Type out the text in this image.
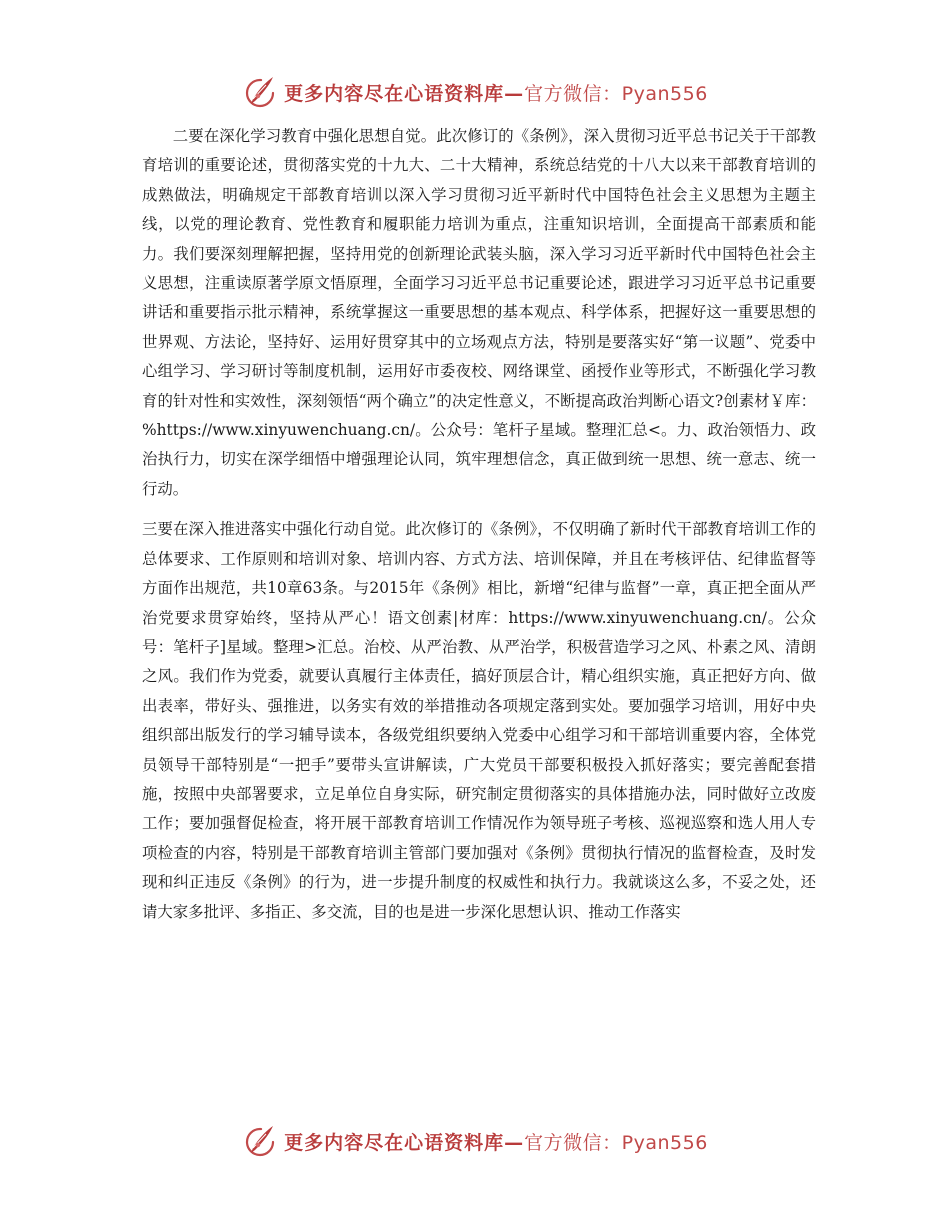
更多内容尽在心语资料库—官方微信：Pyan556

二要在深化学习教育中强化思想自觉。此次修订的《条例》，深入贯彻习近平总书记关于干部教育培训的重要论述，贯彻落实党的十九大、二十大精神，系统总结党的十八大以来干部教育培训的成熟做法，明确规定干部教育培训以深入学习贯彻习近平新时代中国特色社会主义思想为主题主线，以党的理论教育、党性教育和履职能力培训为重点，注重知识培训，全面提高干部素质和能力。我们要深刻理解把握，坚持用党的创新理论武装头脑，深入学习习近平新时代中国特色社会主义思想，注重读原著学原文悟原理，全面学习习近平总书记重要论述，跟进学习习近平总书记重要讲话和重要指示批示精神，系统掌握这一重要思想的基本观点、科学体系，把握好这一重要思想的世界观、方法论，坚持好、运用好贯穿其中的立场观点方法，特别是要落实好“第一议题”、党委中心组学习、学习研讨等制度机制，运用好市委夜校、网络课堂、函授作业等形式，不断强化学习教育的针对性和实效性，深刻领悟“两个确立”的决定性意义，不断提高政治判断心语文?创素材￥库：%https://www.xinyuwenchuang.cn/。公众号：笔杆子星域。整理汇总<。力、政治领悟力、政治执行力，切实在深学细悟中增强理论认同，筑牢理想信念，真正做到统一思想、统一意志、统一行动。

三要在深入推进落实中强化行动自觉。此次修订的《条例》，不仅明确了新时代干部教育培训工作的总体要求、工作原则和培训对象、培训内容、方式方法、培训保障，并且在考核评估、纪律监督等方面作出规范，共10章63条。与2015年《条例》相比，新增“纪律与监督”一章，真正把全面从严治党要求贯穿始终，坚持从严心！语文创素|材库：https://www.xinyuwenchuang.cn/。公众号：笔杆子]星域。整理>汇总。治校、从严治教、从严治学，积极营造学习之风、朴素之风、清朗之风。我们作为党委，就要认真履行主体责任，搞好顶层合计，精心组织实施，真正把好方向、做出表率，带好头、强推进，以务实有效的举措推动各项规定落到实处。要加强学习培训，用好中央组织部出版发行的学习辅导读本，各级党组织要纳入党委中心组学习和干部培训重要内容，全体党员领导干部特别是“一把手”要带头宣讲解读，广大党员干部要积极投入抓好落实；要完善配套措施，按照中央部署要求，立足单位自身实际，研究制定贯彻落实的具体措施办法，同时做好立改废工作；要加强督促检查，将开展干部教育培训工作情况作为领导班子考核、巡视巡察和选人用人专项检查的内容，特别是干部教育培训主管部门要加强对《条例》贯彻执行情况的监督检查，及时发现和纠正违反《条例》的行为，进一步提升制度的权威性和执行力。我就谈这么多，不妥之处，还请大家多批评、多指正、多交流，目的也是进一步深化思想认识、推动工作落实

更多内容尽在心语资料库—官方微信：Pyan556
